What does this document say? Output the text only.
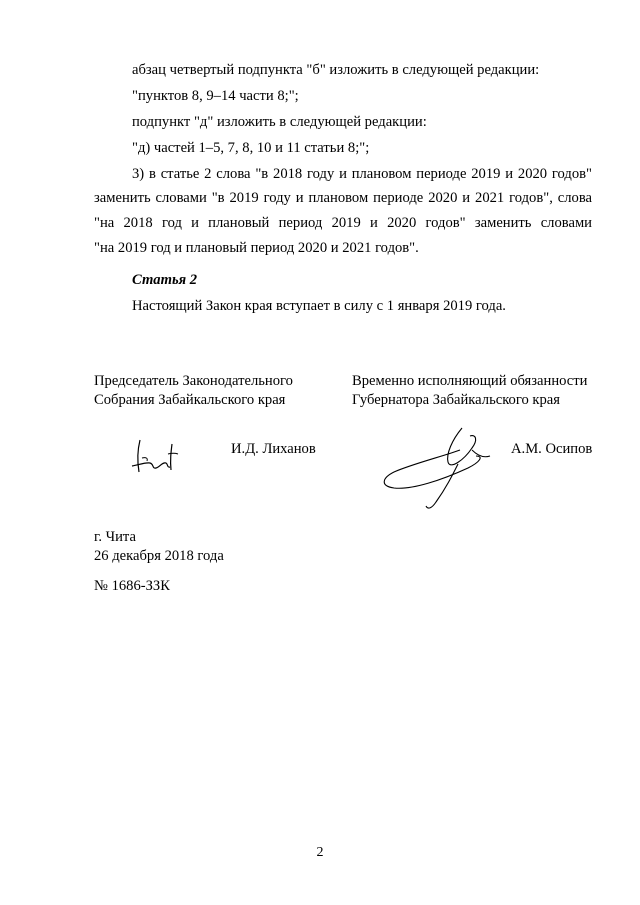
абзац четвертый подпункта "б" изложить в следующей редакции:

"пунктов 8, 9–14 части 8;";

подпункт "д" изложить в следующей редакции:

"д) частей 1–5, 7, 8, 10 и 11 статьи 8;";

3) в статье 2 слова "в 2018 году и плановом периоде 2019 и 2020 годов"

заменить словами "в 2019 году и плановом периоде 2020 и 2021 годов", слова

"на 2018 год и плановый период 2019 и 2020 годов" заменить словами

"на 2019 год и плановый период 2020 и 2021 годов".

Статья 2

Настоящий Закон края вступает в силу с 1 января 2019 года.

Председатель Законодательного
Собрания Забайкальского края
Временно исполняющий обязанности
Губернатора Забайкальского края

И.Д. Лиханов	А.М. Осипов

г. Чита
26 декабря 2018 года
№ 1686-ЗЗК
2
